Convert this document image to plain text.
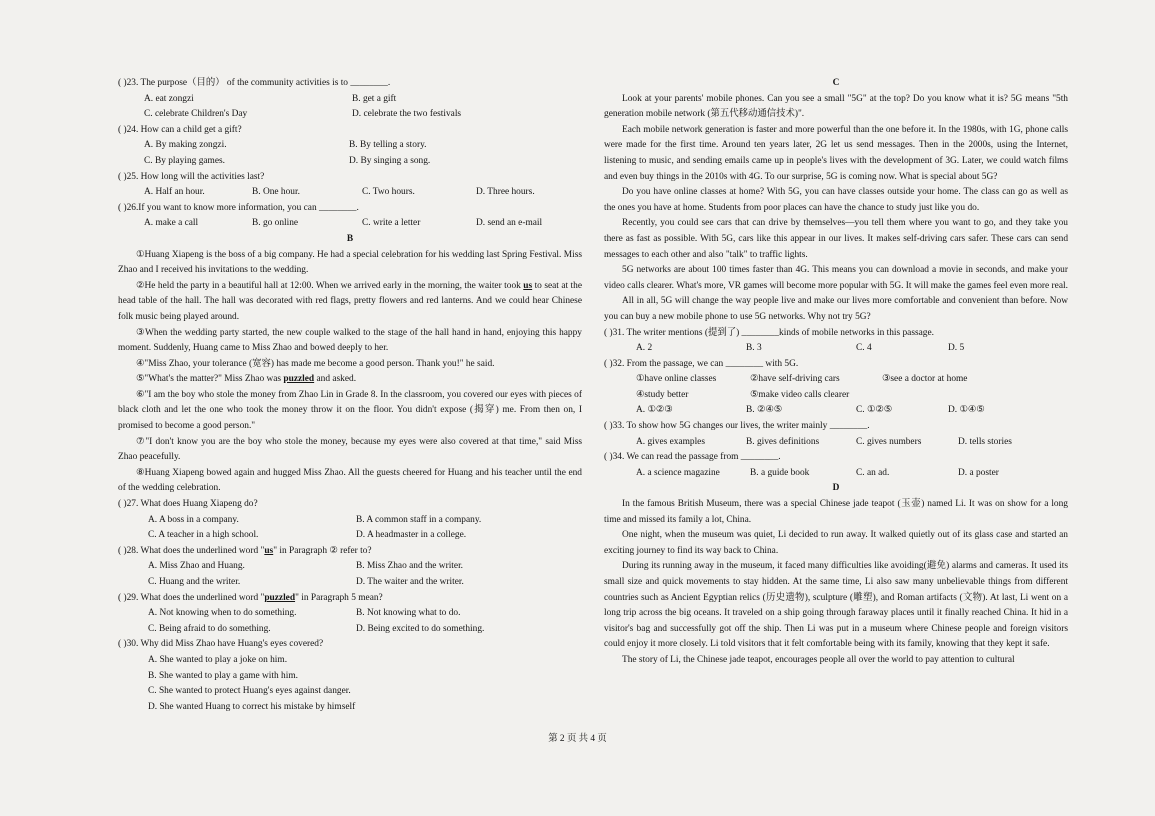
( )23. The purpose（目的） of the community activities is to ________.
A. eat zongzi	B. get a gift
C. celebrate Children's Day	D. celebrate the two festivals
( )24. How can a child get a gift?
A. By making zongzi.	B. By telling a story.
C. By playing games.	D. By singing a song.
( )25. How long will the activities last?
A. Half an hour.	B. One hour.	C. Two hours.	D. Three hours.
( )26.If you want to know more information, you can ________.
A. make a call	B. go online	C. write a letter	D. send an e-mail
B
①Huang Xiapeng is the boss of a big company. He had a special celebration for his wedding last Spring Festival. Miss Zhao and I received his invitations to the wedding.
②He held the party in a beautiful hall at 12:00. When we arrived early in the morning, the waiter took us to seat at the head table of the hall. The hall was decorated with red flags, pretty flowers and red lanterns. And we could hear Chinese folk music being played around.
③When the wedding party started, the new couple walked to the stage of the hall hand in hand, enjoying this happy moment. Suddenly, Huang came to Miss Zhao and bowed deeply to her.
④"Miss Zhao, your tolerance (宽容) has made me become a good person. Thank you!" he said.
⑤"What's the matter?" Miss Zhao was puzzled and asked.
⑥"I am the boy who stole the money from Zhao Lin in Grade 8. In the classroom, you covered our eyes with pieces of black cloth and let the one who took the money throw it on the floor. You didn't expose (揭穿) me. From then on, I promised to become a good person."
⑦"I don't know you are the boy who stole the money, because my eyes were also covered at that time," said Miss Zhao peacefully.
⑧Huang Xiapeng bowed again and hugged Miss Zhao. All the guests cheered for Huang and his teacher until the end of the wedding celebration.
( )27. What does Huang Xiapeng do?
A. A boss in a company.	B. A common staff in a company.
C. A teacher in a high school.	D. A headmaster in a college.
( )28. What does the underlined word "us" in Paragraph ② refer to?
A. Miss Zhao and Huang.	B. Miss Zhao and the writer.
C. Huang and the writer.	D. The waiter and the writer.
( )29. What does the underlined word "puzzled" in Paragraph 5 mean?
A. Not knowing when to do something.	B. Not knowing what to do.
C. Being afraid to do something.	D. Being excited to do something.
( )30. Why did Miss Zhao have Huang's eyes covered?
A. She wanted to play a joke on him.
B. She wanted to play a game with him.
C. She wanted to protect Huang's eyes against danger.
D. She wanted Huang to correct his mistake by himself
C
Look at your parents' mobile phones. Can you see a small "5G" at the top? Do you know what it is? 5G means "5th generation mobile network (第五代移动通信技术)".
Each mobile network generation is faster and more powerful than the one before it. In the 1980s, with 1G, phone calls were made for the first time. Around ten years later, 2G let us send messages. Then in the 2000s, using the Internet, listening to music, and sending emails came up in people's lives with the development of 3G. Later, we could watch films and even buy things in the 2010s with 4G. To our surprise, 5G is coming now. What is special about 5G?
Do you have online classes at home? With 5G, you can have classes outside your home. The class can go as well as the ones you have at home. Students from poor places can have the chance to study just like you do.
Recently, you could see cars that can drive by themselves—you tell them where you want to go, and they take you there as fast as possible. With 5G, cars like this appear in our lives. It makes self-driving cars safer. These cars can send messages to each other and also "talk" to traffic lights.
5G networks are about 100 times faster than 4G. This means you can download a movie in seconds, and make your video calls clearer. What's more, VR games will become more popular with 5G. It will make the games feel even more real.
All in all, 5G will change the way people live and make our lives more comfortable and convenient than before. Now you can buy a new mobile phone to use 5G networks. Why not try 5G?
( )31. The writer mentions (提到了) ________kinds of mobile networks in this passage.
A. 2	B. 3	C. 4	D. 5
( )32. From the passage, we can ________ with 5G.
①have online classes	②have self-driving cars	③see a doctor at home
④study better	⑤make video calls clearer
A. ①②③	B. ②④⑤	C. ①②⑤	D. ①④⑤
( )33. To show how 5G changes our lives, the writer mainly ________.
A. gives examples	B. gives definitions	C. gives numbers	D. tells stories
( )34. We can read the passage from ________.
A. a science magazine	B. a guide book	C. an ad.	D. a poster
D
In the famous British Museum, there was a special Chinese jade teapot (玉壶) named Li. It was on show for a long time and missed its family a lot, China.
One night, when the museum was quiet, Li decided to run away. It walked quietly out of its glass case and started an exciting journey to find its way back to China.
During its running away in the museum, it faced many difficulties like avoiding(避免) alarms and cameras. It used its small size and quick movements to stay hidden. At the same time, Li also saw many unbelievable things from different countries such as Ancient Egyptian relics (历史遗物), sculpture (雕塑), and Roman artifacts (文物). At last, Li went on a long trip across the big oceans. It traveled on a ship going through faraway places until it finally reached China. It hid in a visitor's bag and successfully got off the ship. Then Li was put in a museum where Chinese people and foreign visitors could enjoy it more closely. Li told visitors that it felt comfortable being with its family, knowing that they kept it safe.
The story of Li, the Chinese jade teapot, encourages people all over the world to pay attention to cultural
第 2 页 共 4 页
